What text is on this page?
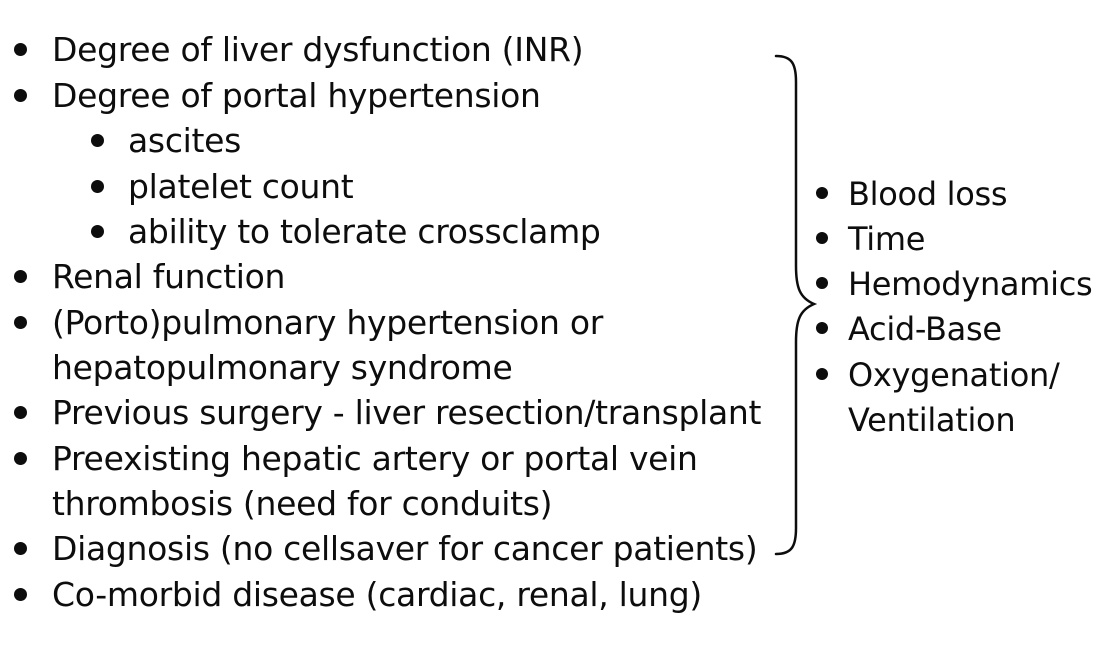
Degree of liver dysfunction (INR)
Degree of portal hypertension
ascites
platelet count
ability to tolerate crossclamp
Renal function
(Porto)pulmonary hypertension or
hepatopulmonary syndrome
Previous surgery - liver resection/transplant
Preexisting hepatic artery or portal vein
thrombosis (need for conduits)
Diagnosis (no cellsaver for cancer patients)
Co-morbid disease (cardiac, renal, lung)
Blood loss
Time
Hemodynamics
Acid-Base
Oxygenation/
Ventilation
